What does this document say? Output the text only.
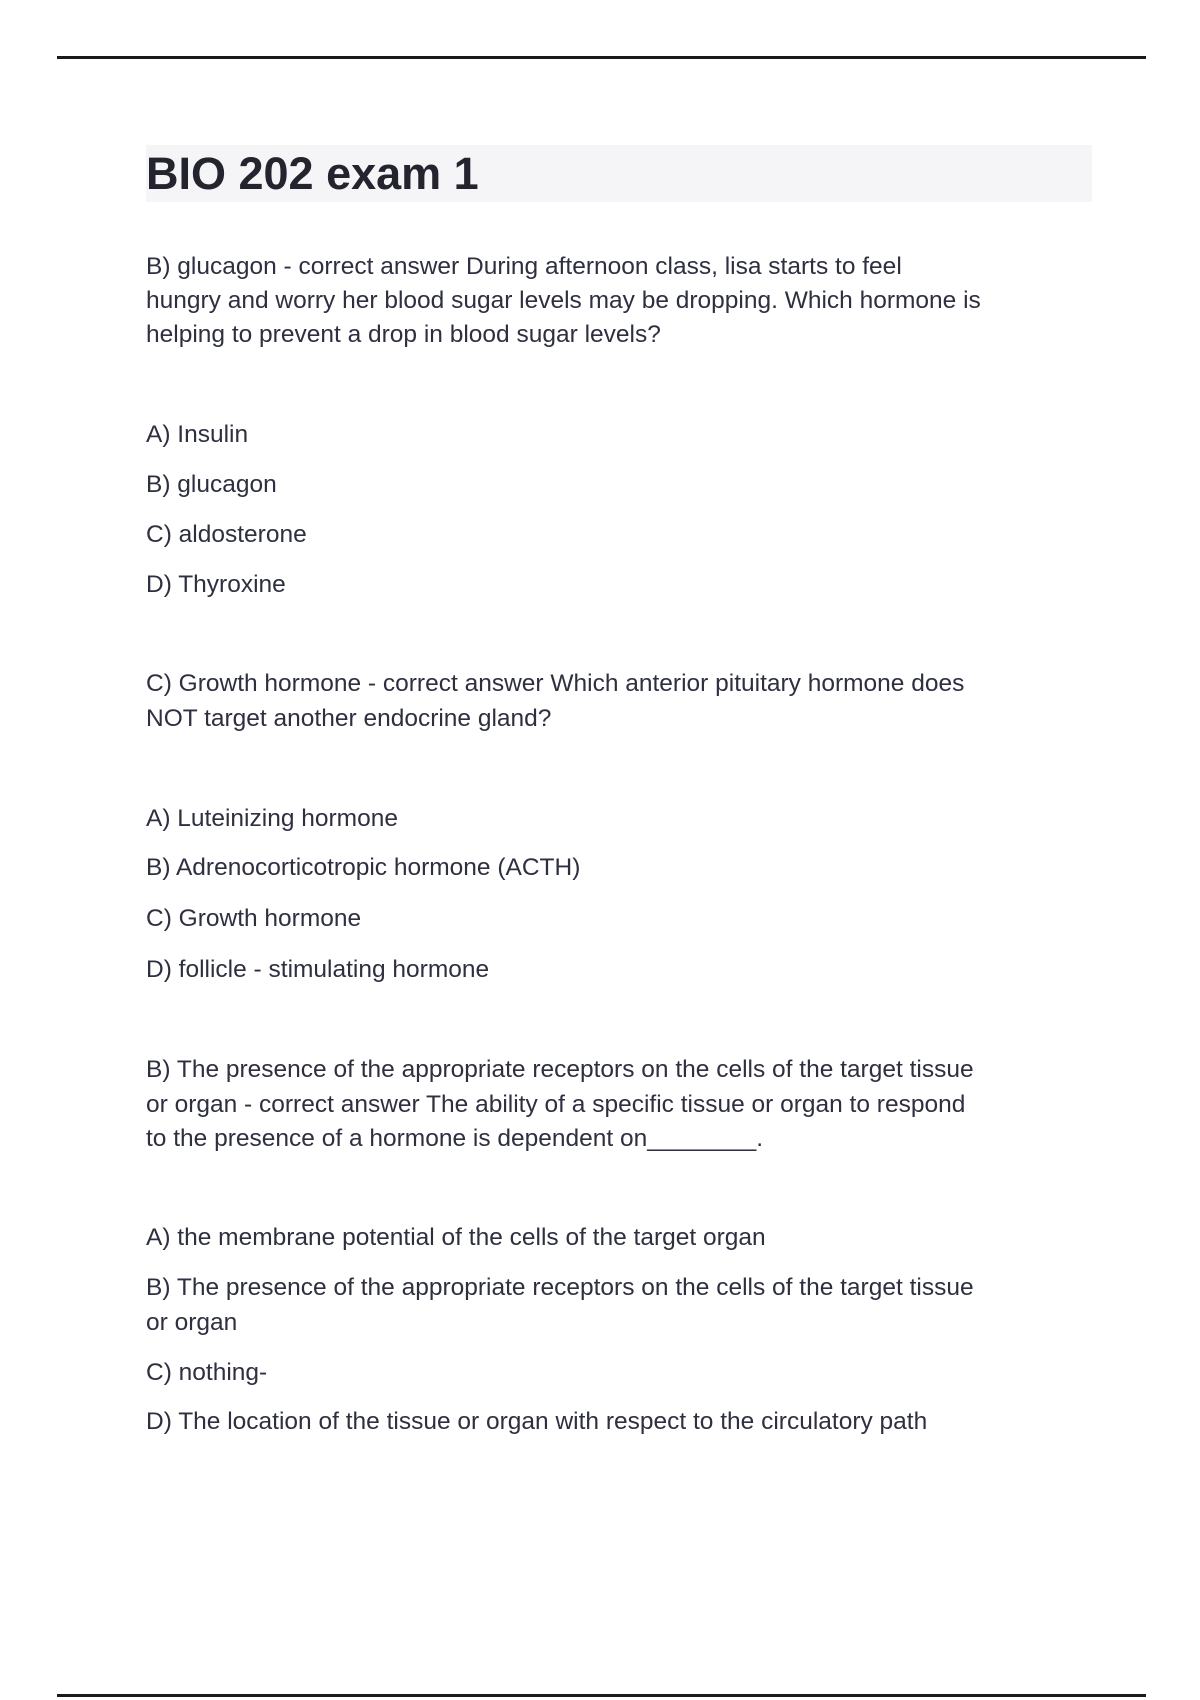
BIO 202 exam 1
B) glucagon - correct answer During afternoon class, lisa starts to feel
hungry and worry her blood sugar levels may be dropping. Which hormone is
helping to prevent a drop in blood sugar levels?
A) Insulin
B) glucagon
C) aldosterone
D) Thyroxine
C) Growth hormone - correct answer Which anterior pituitary hormone does
NOT target another endocrine gland?
A) Luteinizing hormone
B) Adrenocorticotropic hormone (ACTH)
C) Growth hormone
D) follicle - stimulating hormone
B) The presence of the appropriate receptors on the cells of the target tissue
or organ - correct answer The ability of a specific tissue or organ to respond
to the presence of a hormone is dependent on________.
A) the membrane potential of the cells of the target organ
B) The presence of the appropriate receptors on the cells of the target tissue
or organ
C) nothing-
D) The location of the tissue or organ with respect to the circulatory path
